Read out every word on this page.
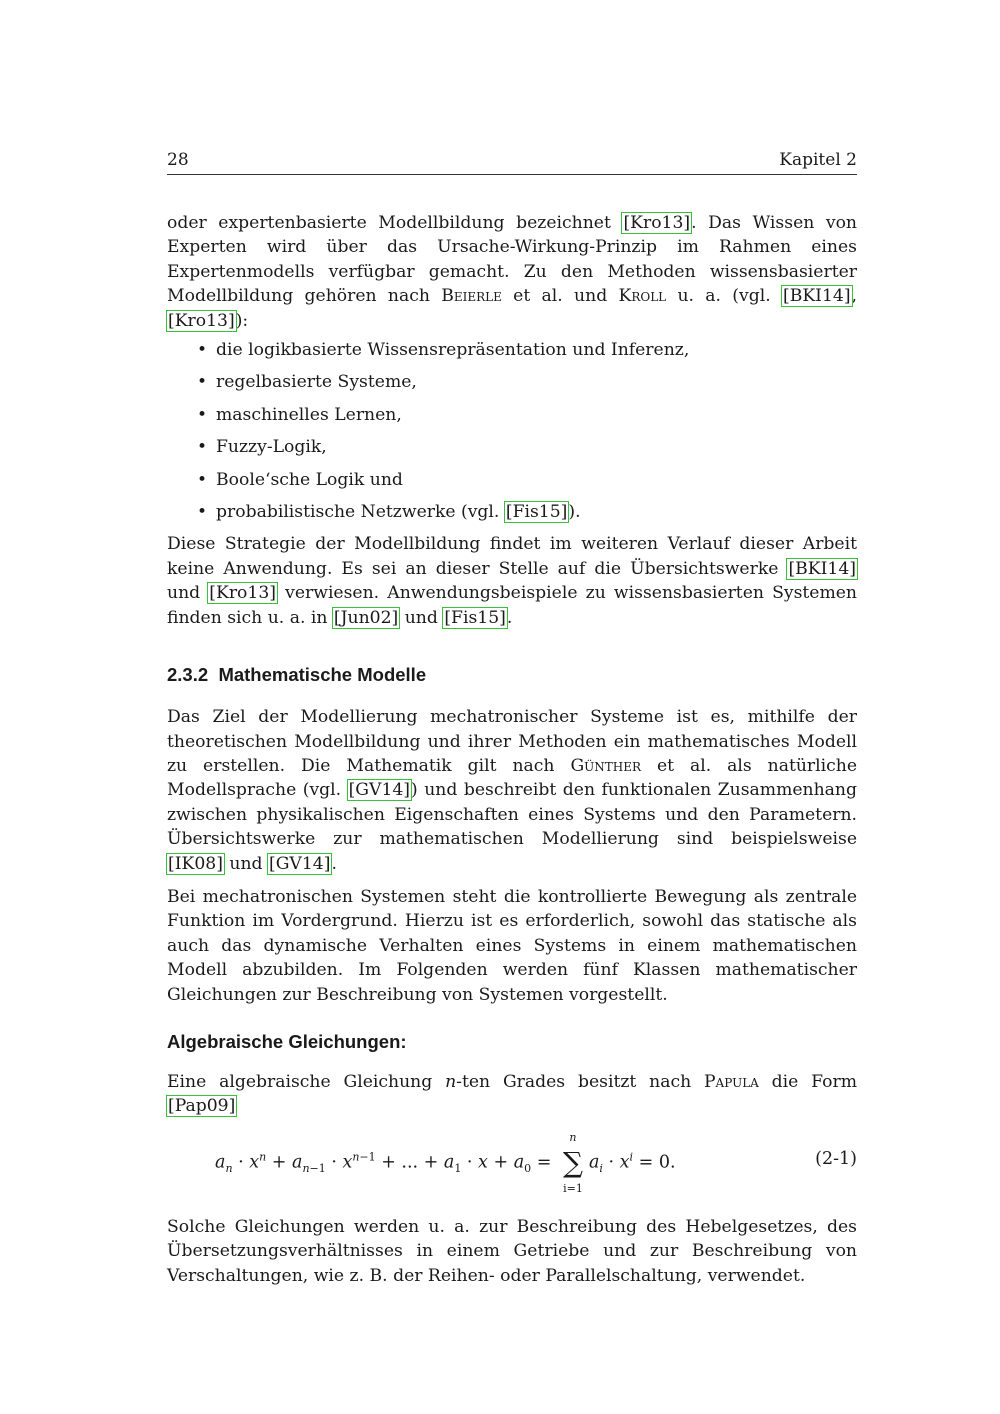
28	Kapitel 2

oder expertenbasierte Modellbildung bezeichnet [Kro13]. Das Wissen von Experten wird über das Ursache-Wirkung-Prinzip im Rahmen eines Expertenmodells verfügbar gemacht. Zu den Methoden wissensbasierter Modellbildung gehören nach Beierle et al. und Kroll u. a. (vgl. [BKI14], [Kro13]):

• die logikbasierte Wissensrepräsentation und Inferenz,
• regelbasierte Systeme,
• maschinelles Lernen,
• Fuzzy-Logik,
• Boole‘sche Logik und
• probabilistische Netzwerke (vgl. [Fis15]).

Diese Strategie der Modellbildung findet im weiteren Verlauf dieser Arbeit keine Anwendung. Es sei an dieser Stelle auf die Übersichtswerke [BKI14] und [Kro13] verwiesen. Anwendungsbeispiele zu wissensbasierten Systemen finden sich u. a. in [Jun02] und [Fis15].

2.3.2 Mathematische Modelle

Das Ziel der Modellierung mechatronischer Systeme ist es, mithilfe der theoretischen Modellbildung und ihrer Methoden ein mathematisches Modell zu erstellen. Die Mathematik gilt nach Günther et al. als natürliche Modellsprache (vgl. [GV14]) und beschreibt den funktionalen Zusammenhang zwischen physikalischen Eigenschaften eines Systems und den Parametern. Übersichtswerke zur mathematischen Modellierung sind beispielsweise [IK08] und [GV14].

Bei mechatronischen Systemen steht die kontrollierte Bewegung als zentrale Funktion im Vordergrund. Hierzu ist es erforderlich, sowohl das statische als auch das dynamische Verhalten eines Systems in einem mathematischen Modell abzubilden. Im Folgenden werden fünf Klassen mathematischer Gleichungen zur Beschreibung von Systemen vorgestellt.

Algebraische Gleichungen:

Eine algebraische Gleichung n-ten Grades besitzt nach Papula die Form [Pap09]

$a_n \cdot x^n + a_{n-1} \cdot x^{n-1}$ + ... + $a_1 \cdot x + a_0$ =
n
∑
i=1
$a_i \cdot x^i = 0$.	(2-1)

Solche Gleichungen werden u. a. zur Beschreibung des Hebelgesetzes, des Übersetzungsverhältnisses in einem Getriebe und zur Beschreibung von Verschaltungen, wie z. B. der Reihen- oder Parallelschaltung, verwendet.
